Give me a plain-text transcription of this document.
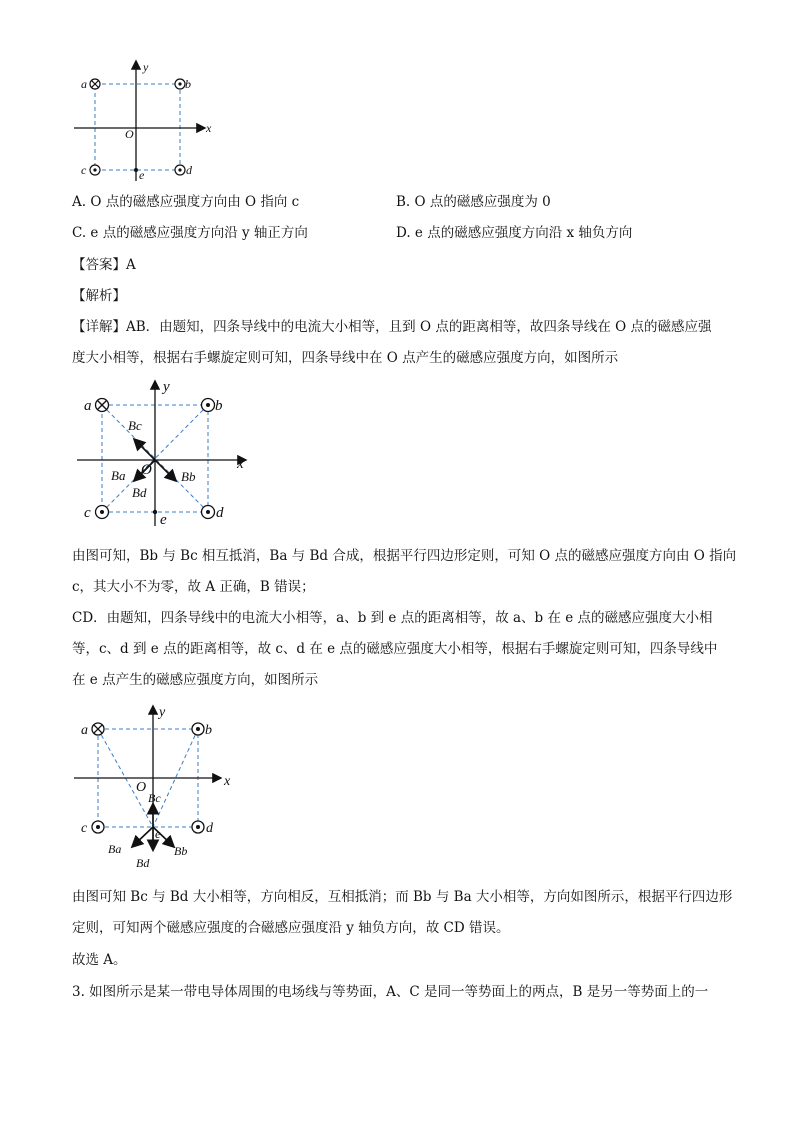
a	b
c	d
e
O	x
y
A. O 点的磁感应强度方向由 O 指向 c	B. O 点的磁感应强度为 0
C. e 点的磁感应强度方向沿 y 轴正方向	D. e 点的磁感应强度方向沿 x 轴负方向
【答案】A
【解析】
【详解】AB．由题知，四条导线中的电流大小相等，且到 O 点的距离相等，故四条导线在 O 点的磁感应强
度大小相等，根据右手螺旋定则可知，四条导线中在 O 点产生的磁感应强度方向，如图所示
a	b
c	d
e
O	x
y
Bc
Ba
Bd
Bb
由图可知，Bb 与 Bc 相互抵消，Ba 与 Bd 合成，根据平行四边形定则，可知 O 点的磁感应强度方向由 O 指向
c，其大小不为零，故 A 正确，B 错误；
CD．由题知，四条导线中的电流大小相等，a、b 到 e 点的距离相等，故 a、b 在 e 点的磁感应强度大小相
等，c、d 到 e 点的距离相等，故 c、d 在 e 点的磁感应强度大小相等，根据右手螺旋定则可知，四条导线中
在 e 点产生的磁感应强度方向，如图所示
a	b
c	d
e
O	x
y
Bc
Ba
Bd
Bb
由图可知 Bc 与 Bd 大小相等，方向相反，互相抵消；而 Bb 与 Ba 大小相等，方向如图所示，根据平行四边形
定则，可知两个磁感应强度的合磁感应强度沿 y 轴负方向，故 CD 错误。
故选 A。
3. 如图所示是某一带电导体周围的电场线与等势面，A、C 是同一等势面上的两点，B 是另一等势面上的一
